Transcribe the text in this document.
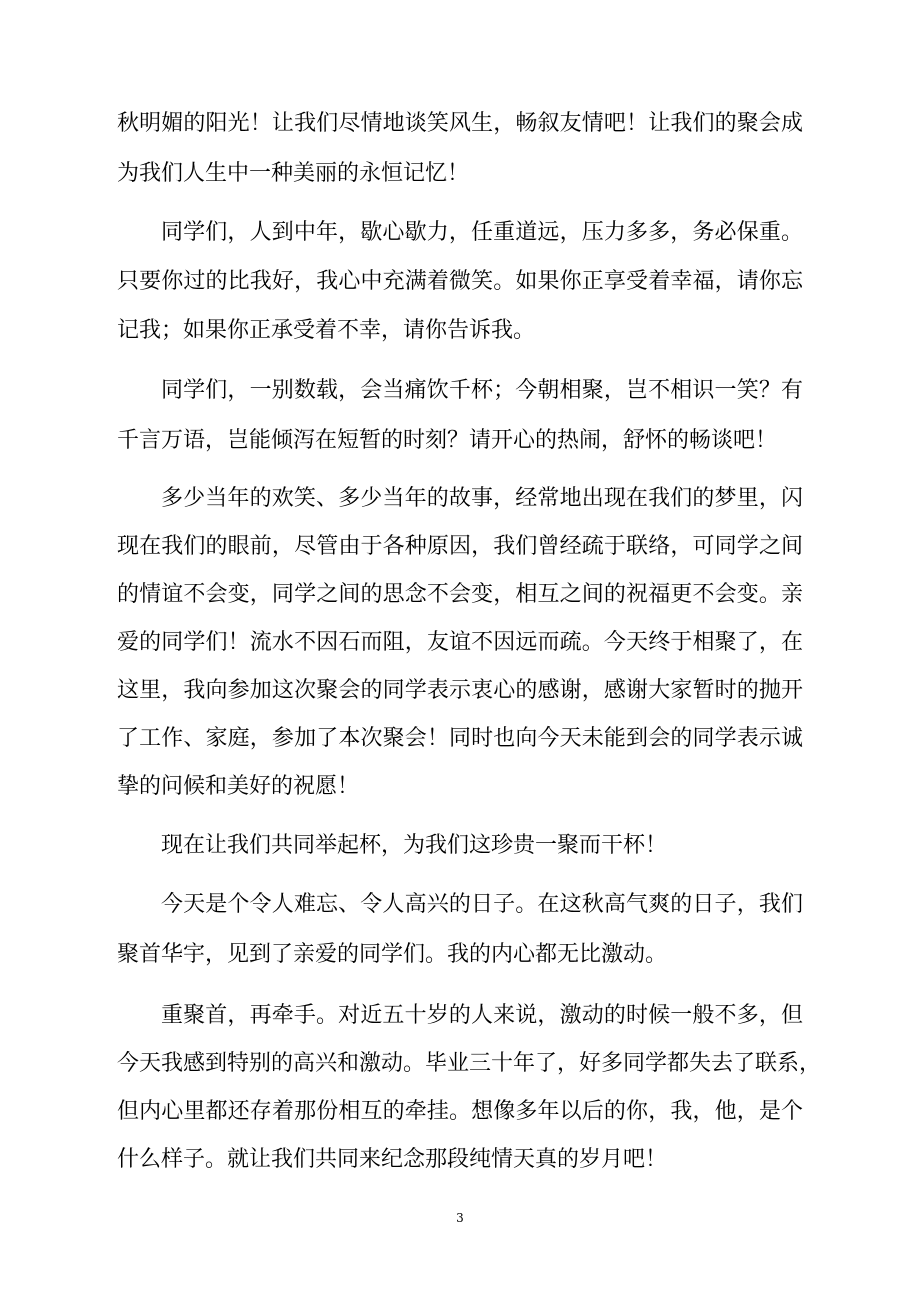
秋明媚的阳光！让我们尽情地谈笑风生，畅叙友情吧！让我们的聚会成
为我们人生中一种美丽的永恒记忆！
同学们，人到中年，歇心歇力，任重道远，压力多多，务必保重。
只要你过的比我好，我心中充满着微笑。如果你正享受着幸福，请你忘
记我；如果你正承受着不幸，请你告诉我。
同学们，一别数载，会当痛饮千杯；今朝相聚，岂不相识一笑？有
千言万语，岂能倾泻在短暂的时刻？请开心的热闹，舒怀的畅谈吧！
多少当年的欢笑、多少当年的故事，经常地出现在我们的梦里，闪
现在我们的眼前，尽管由于各种原因，我们曾经疏于联络，可同学之间
的情谊不会变，同学之间的思念不会变，相互之间的祝福更不会变。亲
爱的同学们！流水不因石而阻，友谊不因远而疏。今天终于相聚了，在
这里，我向参加这次聚会的同学表示衷心的感谢，感谢大家暂时的抛开
了工作、家庭，参加了本次聚会！同时也向今天未能到会的同学表示诚
挚的问候和美好的祝愿！
现在让我们共同举起杯，为我们这珍贵一聚而干杯！
今天是个令人难忘、令人高兴的日子。在这秋高气爽的日子，我们
聚首华宇，见到了亲爱的同学们。我的内心都无比激动。
重聚首，再牵手。对近五十岁的人来说，激动的时候一般不多，但
今天我感到特别的高兴和激动。毕业三十年了，好多同学都失去了联系，
但内心里都还存着那份相互的牵挂。想像多年以后的你，我，他，是个
什么样子。就让我们共同来纪念那段纯情天真的岁月吧！
3
